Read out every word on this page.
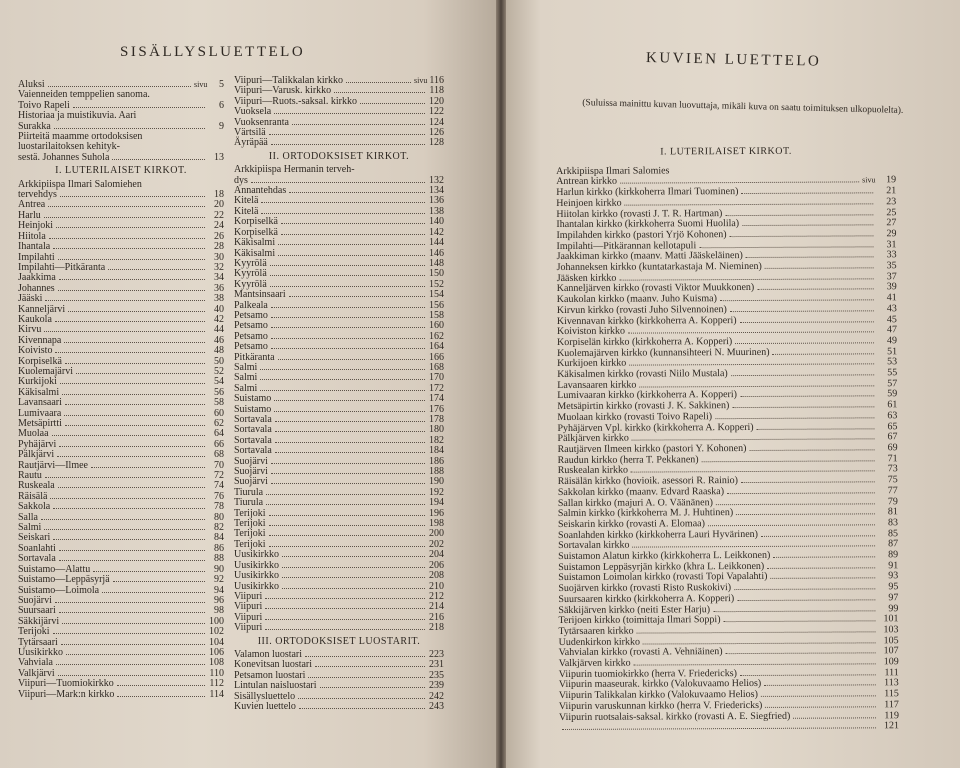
SISÄLLYSLUETTELO
Aluksi	sivu	5
Vaienneiden temppelien sanoma.
Toivo Rapeli	6
Historiaa ja muistikuvia. Aari
Surakka	9
Piirteitä maamme ortodoksisen
luostarilaitoksen kehityk-
sestä. Johannes Suhola	13
I. LUTERILAISET KIRKOT.
Arkkipiispa Ilmari Salomiehen
tervehdys	18
Antrea	20
Harlu	22
Heinjoki	24
Hiitola	26
Ihantala	28
Impilahti	30
Impilahti—Pitkäranta	32
Jaakkima	34
Johannes	36
Jääski	38
Kanneljärvi	40
Kaukola	42
Kirvu	44
Kivennapa	46
Koivisto	48
Korpiselkä	50
Kuolemajärvi	52
Kurkijoki	54
Käkisalmi	56
Lavansaari	58
Lumivaara	60
Metsäpirtti	62
Muolaa	64
Pyhäjärvi	66
Pälkjärvi	68
Rautjärvi—Ilmee	70
Rautu	72
Ruskeala	74
Räisälä	76
Sakkola	78
Salla	80
Salmi	82
Seiskari	84
Soanlahti	86
Sortavala	88
Suistamo—Alattu	90
Suistamo—Leppäsyrjä	92
Suistamo—Loimola	94
Suojärvi	96
Suursaari	98
Säkkijärvi	100
Terijoki	102
Tytärsaari	104
Uusikirkko	106
Vahviala	108
Valkjärvi	110
Viipuri—Tuomiokirkko	112
Viipuri—Mark:n kirkko	114
Viipuri—Talikkalan kirkko	sivu 116
Viipuri—Varusk. kirkko	118
Viipuri—Ruots.-saksal. kirkko	120
Vuoksela	122
Vuoksenranta	124
Värtsilä	126
Äyräpää	128
II. ORTODOKSISET KIRKOT.
Arkkipiispa Hermanin terveh-
dys	132
Annantehdas	134
Kitelä	136
Kitelä	138
Korpiselkä	140
Korpiselkä	142
Käkisalmi	144
Käkisalmi	146
Kyyrölä	148
Kyyrölä	150
Kyyrölä	152
Mantsinsaari	154
Palkeala	156
Petsamo	158
Petsamo	160
Petsamo	162
Petsamo	164
Pitkäranta	166
Salmi	168
Salmi	170
Salmi	172
Suistamo	174
Suistamo	176
Sortavala	178
Sortavala	180
Sortavala	182
Sortavala	184
Suojärvi	186
Suojärvi	188
Suojärvi	190
Tiurula	192
Tiurula	194
Terijoki	196
Terijoki	198
Terijoki	200
Terijoki	202
Uusikirkko	204
Uusikirkko	206
Uusikirkko	208
Uusikirkko	210
Viipuri	212
Viipuri	214
Viipuri	216
Viipuri	218
III. ORTODOKSISET LUOSTARIT.
Valamon luostari	223
Konevitsan luostari	231
Petsamon luostari	235
Lintulan naisluostari	239
Sisällysluettelo	242
Kuvien luettelo	243
KUVIEN LUETTELO
(Suluissa mainittu kuvan luovuttaja, mikäli kuva on saatu toimituksen ulkopuolelta).
I. LUTERILAISET KIRKOT.
Arkkipiispa Ilmari Salomies
Antrean kirkko	sivu	19
Harlun kirkko (kirkkoherra Ilmari Tuominen)	21
Heinjoen kirkko	23
Hiitolan kirkko (rovasti J. T. R. Hartman)	25
Ihantalan kirkko (kirkkoherra Suomi Huolila)	27
Impilahden kirkko (pastori Yrjö Kohonen)	29
Impilahti—Pitkärannan kellotapuli	31
Jaakkiman kirkko (maanv. Matti Jääskeläinen)	33
Johanneksen kirkko (kuntatarkastaja M. Nieminen)	35
Jääsken kirkko	37
Kanneljärven kirkko (rovasti Viktor Muukkonen)	39
Kaukolan kirkko (maanv. Juho Kuisma)	41
Kirvun kirkko (rovasti Juho Silvennoinen)	43
Kivennavan kirkko (kirkkoherra A. Kopperi)	45
Koiviston kirkko	47
Korpiselän kirkko (kirkkoherra A. Kopperi)	49
Kuolemajärven kirkko (kunnansihteeri N. Muurinen)	51
Kurkijoen kirkko	53
Käkisalmen kirkko (rovasti Niilo Mustala)	55
Lavansaaren kirkko	57
Lumivaaran kirkko (kirkkoherra A. Kopperi)	59
Metsäpirtin kirkko (rovasti J. K. Sakkinen)	61
Muolaan kirkko (rovasti Toivo Rapeli)	63
Pyhäjärven Vpl. kirkko (kirkkoherra A. Kopperi)	65
Pälkjärven kirkko	67
Rautjärven Ilmeen kirkko (pastori Y. Kohonen)	69
Raudun kirkko (herra T. Pekkanen)	71
Ruskealan kirkko	73
Räisälän kirkko (hovioik. asessori R. Rainio)	75
Sakkolan kirkko (maanv. Edvard Raaska)	77
Sallan kirkko (majuri A. O. Väänänen)	79
Salmin kirkko (kirkkoherra M. J. Huhtinen)	81
Seiskarin kirkko (rovasti A. Elomaa)	83
Soanlahden kirkko (kirkkoherra Lauri Hyvärinen)	85
Sortavalan kirkko	87
Suistamon Alatun kirkko (kirkkoherra L. Leikkonen)	89
Suistamon Leppäsyrjän kirkko (khra L. Leikkonen)	91
Suistamon Loimolan kirkko (rovasti Topi Vapalahti)	93
Suojärven kirkko (rovasti Risto Ruskokivi)	95
Suursaaren kirkko (kirkkoherra A. Kopperi)	97
Säkkijärven kirkko (neiti Ester Harju)	99
Terijoen kirkko (toimittaja Ilmari Soppi)	101
Tytärsaaren kirkko	103
Uudenkirkon kirkko	105
Vahvialan kirkko (rovasti A. Vehniäinen)	107
Valkjärven kirkko	109
Viipurin tuomiokirkko (herra V. Friedericks)	111
Viipurin maaseurak. kirkko (Valokuvaamo Helios)	113
Viipurin Talikkalan kirkko (Valokuvaamo Helios)	115
Viipurin varuskunnan kirkko (herra V. Friedericks)	117
Viipurin ruotsalais-saksal. kirkko (rovasti A. E. Siegfried)	119
121
